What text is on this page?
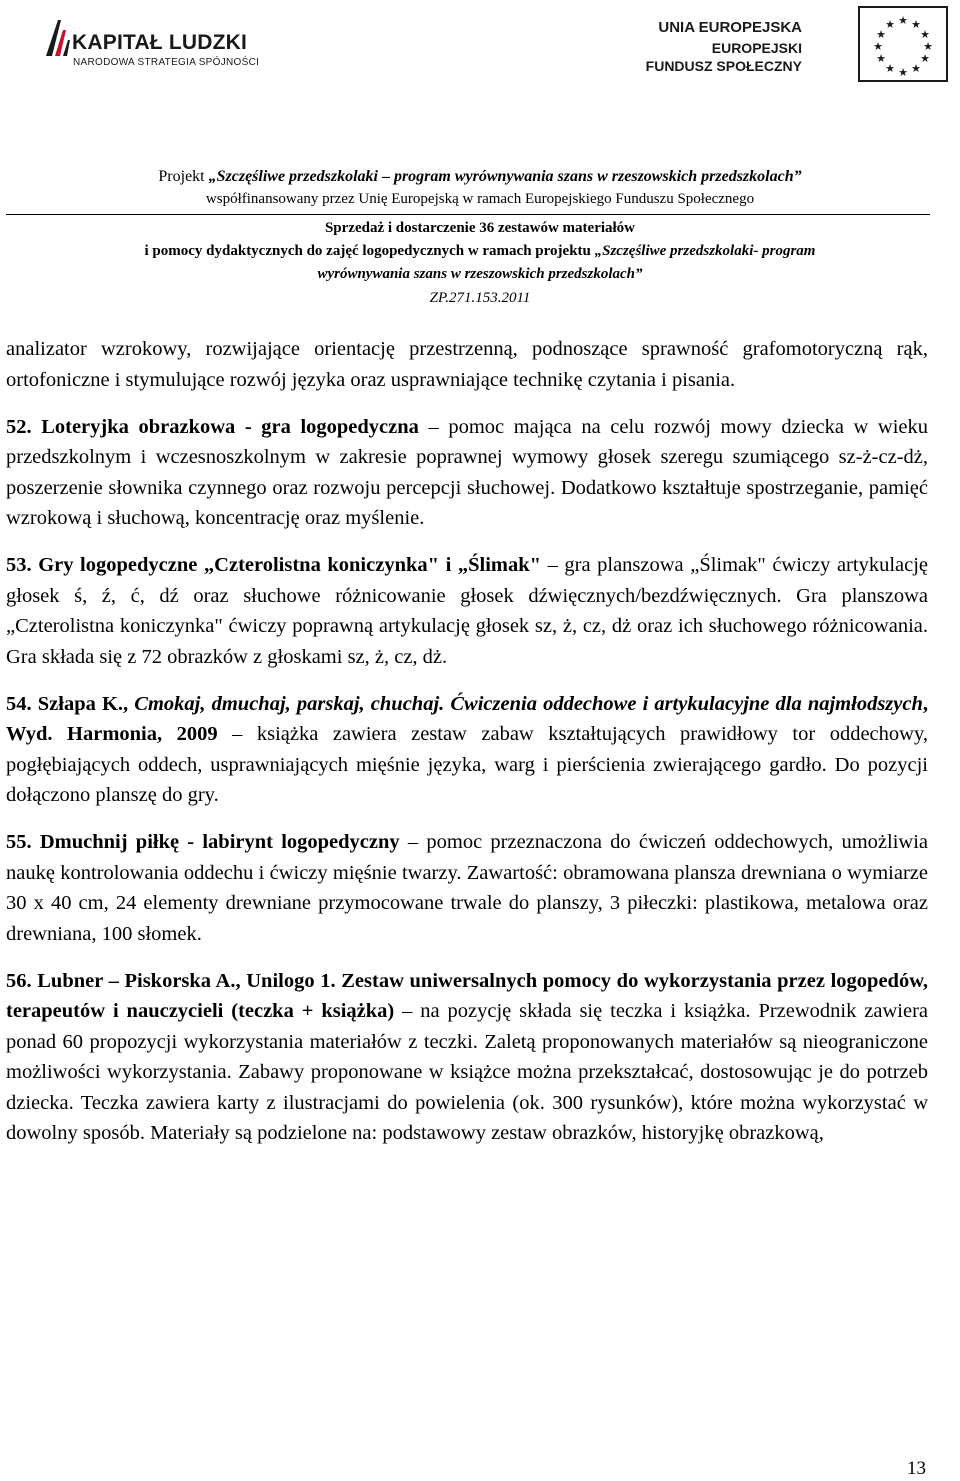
KAPITAŁ LUDZKI
NARODOWA STRATEGIA SPÓJNOŚCI
UNIA EUROPEJSKA
EUROPEJSKI
FUNDUSZ SPOŁECZNY
★ ★
★
★
★
★
★
★
★
★
★
★
Projekt „Szczęśliwe przedszkolaki – program wyrównywania szans w rzeszowskich przedszkolach”
współfinansowany przez Unię Europejską w ramach Europejskiego Funduszu Społecznego
Sprzedaż i dostarczenie 36 zestawów materiałów
i pomocy dydaktycznych do zajęć logopedycznych w ramach projektu „Szczęśliwe przedszkolaki- program
wyrównywania szans w rzeszowskich przedszkolach”
ZP.271.153.2011

analizator wzrokowy, rozwijające orientację przestrzenną, podnoszące sprawność grafomotoryczną rąk, ortofoniczne i stymulujące rozwój języka oraz usprawniające technikę czytania i pisania.

52. Loteryjka obrazkowa - gra logopedyczna – pomoc mająca na celu rozwój mowy dziecka w wieku przedszkolnym i wczesnoszkolnym w zakresie poprawnej wymowy głosek szeregu szumiącego sz-ż-cz-dż, poszerzenie słownika czynnego oraz rozwoju percepcji słuchowej. Dodatkowo kształtuje spostrzeganie, pamięć wzrokową i słuchową, koncentrację oraz myślenie.

53. Gry logopedyczne „Czterolistna koniczynka" i „Ślimak" – gra planszowa „Ślimak" ćwiczy artykulację głosek ś, ź, ć, dź oraz słuchowe różnicowanie głosek dźwięcznych/bezdźwięcznych. Gra planszowa „Czterolistna koniczynka" ćwiczy poprawną artykulację głosek sz, ż, cz, dż oraz ich słuchowego różnicowania. Gra składa się z 72 obrazków z głoskami sz, ż, cz, dż.

54. Szłapa K., Cmokaj, dmuchaj, parskaj, chuchaj. Ćwiczenia oddechowe i artykulacyjne dla najmłodszych, Wyd. Harmonia, 2009 – książka zawiera zestaw zabaw kształtujących prawidłowy tor oddechowy, pogłębiających oddech, usprawniających mięśnie języka, warg i pierścienia zwierającego gardło. Do pozycji dołączono planszę do gry.

55. Dmuchnij piłkę - labirynt logopedyczny – pomoc przeznaczona do ćwiczeń oddechowych, umożliwia naukę kontrolowania oddechu i ćwiczy mięśnie twarzy. Zawartość: obramowana plansza drewniana o wymiarze 30 x 40 cm, 24 elementy drewniane przymocowane trwale do planszy, 3 piłeczki: plastikowa, metalowa oraz drewniana, 100 słomek.

56. Lubner – Piskorska A., Unilogo 1. Zestaw uniwersalnych pomocy do wykorzystania przez logopedów, terapeutów i nauczycieli (teczka + książka) – na pozycję składa się teczka i książka. Przewodnik zawiera ponad 60 propozycji wykorzystania materiałów z teczki. Zaletą proponowanych materiałów są nieograniczone możliwości wykorzystania. Zabawy proponowane w książce można przekształcać, dostosowując je do potrzeb dziecka. Teczka zawiera karty z ilustracjami do powielenia (ok. 300 rysunków), które można wykorzystać w dowolny sposób. Materiały są podzielone na: podstawowy zestaw obrazków, historyjkę obrazkową,

13
